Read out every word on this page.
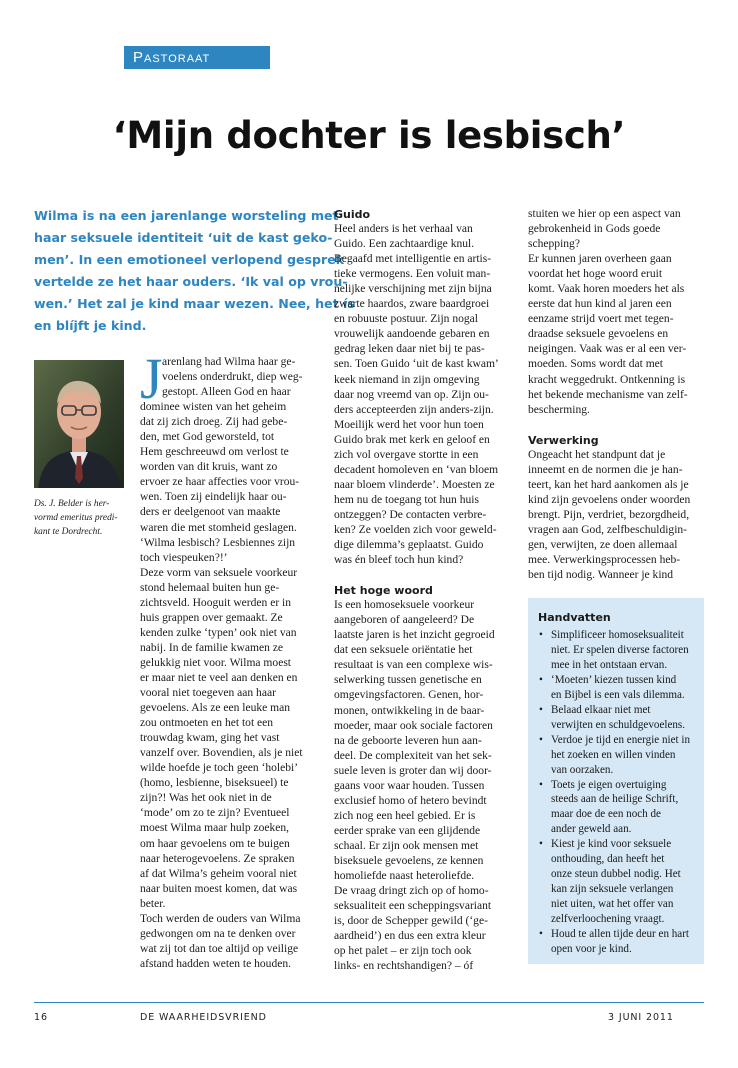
Pastoraat
‘Mijn dochter is lesbisch’
Wilma is na een jarenlange worsteling met
haar seksuele identiteit ‘uit de kast geko-
men’. In een emotioneel verlopend gesprek
vertelde ze het haar ouders. ‘Ik val op vrou-
wen.’ Het zal je kind maar wezen. Nee, het ís
en blíjft je kind.
Ds. J. Belder is her-
vormd emeritus predi-
kant te Dordrecht.
J arenlang had Wilma haar ge-
voelens onderdrukt, diep weg-
gestopt. Alleen God en haar
dominee wisten van het geheim
dat zij zich droeg. Zij had gebe-
den, met God geworsteld, tot
Hem geschreeuwd om verlost te
worden van dit kruis, want zo
ervoer ze haar affecties voor vrou-
wen. Toen zij eindelijk haar ou-
ders er deelgenoot van maakte
waren die met stomheid geslagen.
‘Wilma lesbisch? Lesbiennes zijn
toch viespeuken?!’
Deze vorm van seksuele voorkeur
stond helemaal buiten hun ge-
zichtsveld. Hooguit werden er in
huis grappen over gemaakt. Ze
kenden zulke ‘typen’ ook niet van
nabij. In de familie kwamen ze
gelukkig niet voor. Wilma moest
er maar niet te veel aan denken en
vooral niet toegeven aan haar
gevoelens. Als ze een leuke man
zou ontmoeten en het tot een
trouwdag kwam, ging het vast
vanzelf over. Bovendien, als je niet
wilde hoefde je toch geen ‘holebi’
(homo, lesbienne, biseksueel) te
zijn?! Was het ook niet in de
‘mode’ om zo te zijn? Eventueel
moest Wilma maar hulp zoeken,
om haar gevoelens om te buigen
naar heterogevoelens. Ze spraken
af dat Wilma’s geheim vooral niet
naar buiten moest komen, dat was
beter.
Toch werden de ouders van Wilma
gedwongen om na te denken over
wat zij tot dan toe altijd op veilige
afstand hadden weten te houden.
Guido
Heel anders is het verhaal van
Guido. Een zachtaardige knul.
Begaafd met intelligentie en artis-
tieke vermogens. Een voluit man-
nelijke verschijning met zijn bijna
zwarte haardos, zware baardgroei
en robuuste postuur. Zijn nogal
vrouwelijk aandoende gebaren en
gedrag leken daar niet bij te pas-
sen. Toen Guido ‘uit de kast kwam’
keek niemand in zijn omgeving
daar nog vreemd van op. Zijn ou-
ders accepteerden zijn anders-zijn.
Moeilijk werd het voor hun toen
Guido brak met kerk en geloof en
zich vol overgave stortte in een
decadent homoleven en ‘van bloem
naar bloem vlinderde’. Moesten ze
hem nu de toegang tot hun huis
ontzeggen? De contacten verbre-
ken? Ze voelden zich voor geweld-
dige dilemma’s geplaatst. Guido
was én bleef toch hun kind?
Het hoge woord
Is een homoseksuele voorkeur
aangeboren of aangeleerd? De
laatste jaren is het inzicht gegroeid
dat een seksuele oriëntatie het
resultaat is van een complexe wis-
selwerking tussen genetische en
omgevingsfactoren. Genen, hor-
monen, ontwikkeling in de baar-
moeder, maar ook sociale factoren
na de geboorte leveren hun aan-
deel. De complexiteit van het sek-
suele leven is groter dan wij door-
gaans voor waar houden. Tussen
exclusief homo of hetero bevindt
zich nog een heel gebied. Er is
eerder sprake van een glijdende
schaal. Er zijn ook mensen met
biseksuele gevoelens, ze kennen
homoliefde naast heteroliefde.
De vraag dringt zich op of homo-
seksualiteit een scheppingsvariant
is, door de Schepper gewild (‘ge-
aardheid’) en dus een extra kleur
op het palet – er zijn toch ook
links- en rechtshandigen? – óf
stuiten we hier op een aspect van
gebrokenheid in Gods goede
schepping?
Er kunnen jaren overheen gaan
voordat het hoge woord eruit
komt. Vaak horen moeders het als
eerste dat hun kind al jaren een
eenzame strijd voert met tegen-
draadse seksuele gevoelens en
neigingen. Vaak was er al een ver-
moeden. Soms wordt dat met
kracht weggedrukt. Ontkenning is
het bekende mechanisme van zelf-
bescherming.
Verwerking
Ongeacht het standpunt dat je
inneemt en de normen die je han-
teert, kan het hard aankomen als je
kind zijn gevoelens onder woorden
brengt. Pijn, verdriet, bezorgdheid,
vragen aan God, zelfbeschuldigin-
gen, verwijten, ze doen allemaal
mee. Verwerkingsprocessen heb-
ben tijd nodig. Wanneer je kind
Handvatten
• Simplificeer homoseksualiteit
niet. Er spelen diverse factoren
mee in het ontstaan ervan.
• ‘Moeten’ kiezen tussen kind
en Bijbel is een vals dilemma.
• Belaad elkaar niet met
verwijten en schuldgevoelens.
• Verdoe je tijd en energie niet in
het zoeken en willen vinden
van oorzaken.
• Toets je eigen overtuiging
steeds aan de heilige Schrift,
maar doe de een noch de
ander geweld aan.
• Kiest je kind voor seksuele
onthouding, dan heeft het
onze steun dubbel nodig. Het
kan zijn seksuele verlangen
niet uiten, wat het offer van
zelfverloochening vraagt.
• Houd te allen tijde deur en hart
open voor je kind.
16	DE WAARHEIDSVRIEND	3 JUNI 2011
